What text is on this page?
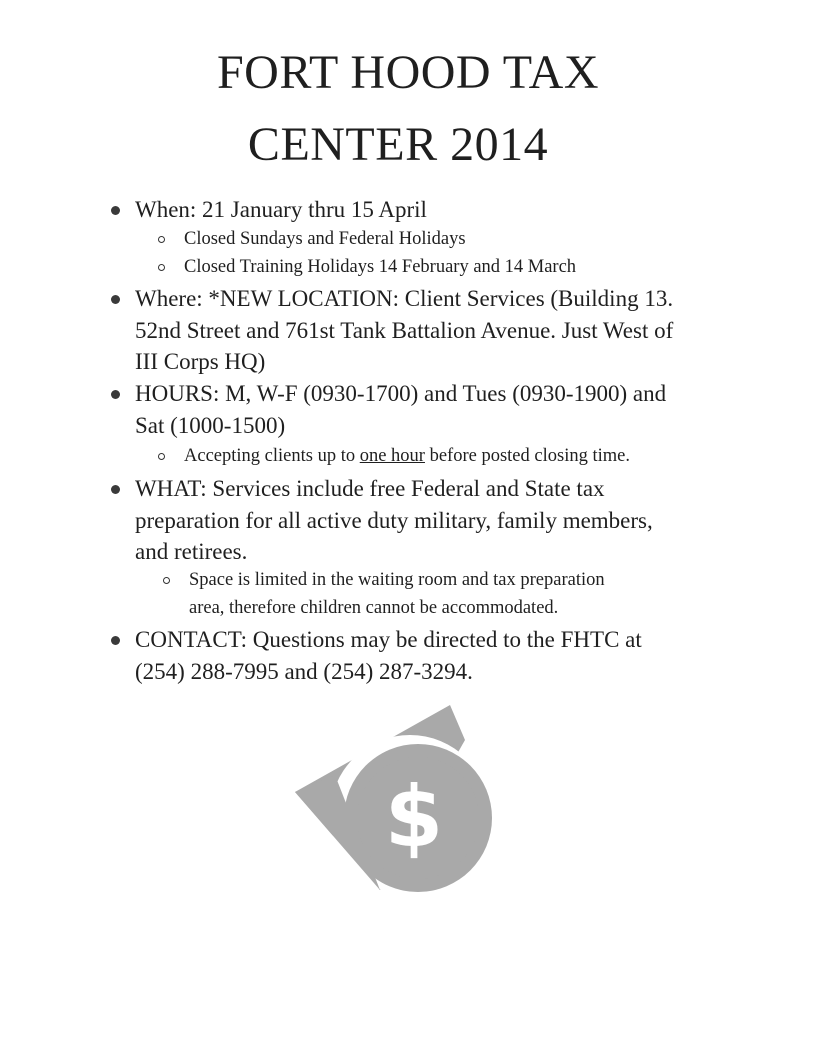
FORT HOOD TAX
CENTER 2014
When: 21 January thru 15 April
Closed Sundays and Federal Holidays
Closed Training Holidays 14 February and 14 March
Where: *NEW LOCATION: Client Services (Building 13.
52nd Street and 761st Tank Battalion Avenue. Just West of
III Corps HQ)
HOURS: M, W-F (0930-1700) and Tues (0930-1900) and
Sat (1000-1500)
Accepting clients up to one hour before posted closing time.
WHAT: Services include free Federal and State tax
preparation for all active duty military, family members,
and retirees.
Space is limited in the waiting room and tax preparation
area, therefore children cannot be accommodated.
CONTACT: Questions may be directed to the FHTC at
(254) 288-7995 and (254) 287-3294.
$
